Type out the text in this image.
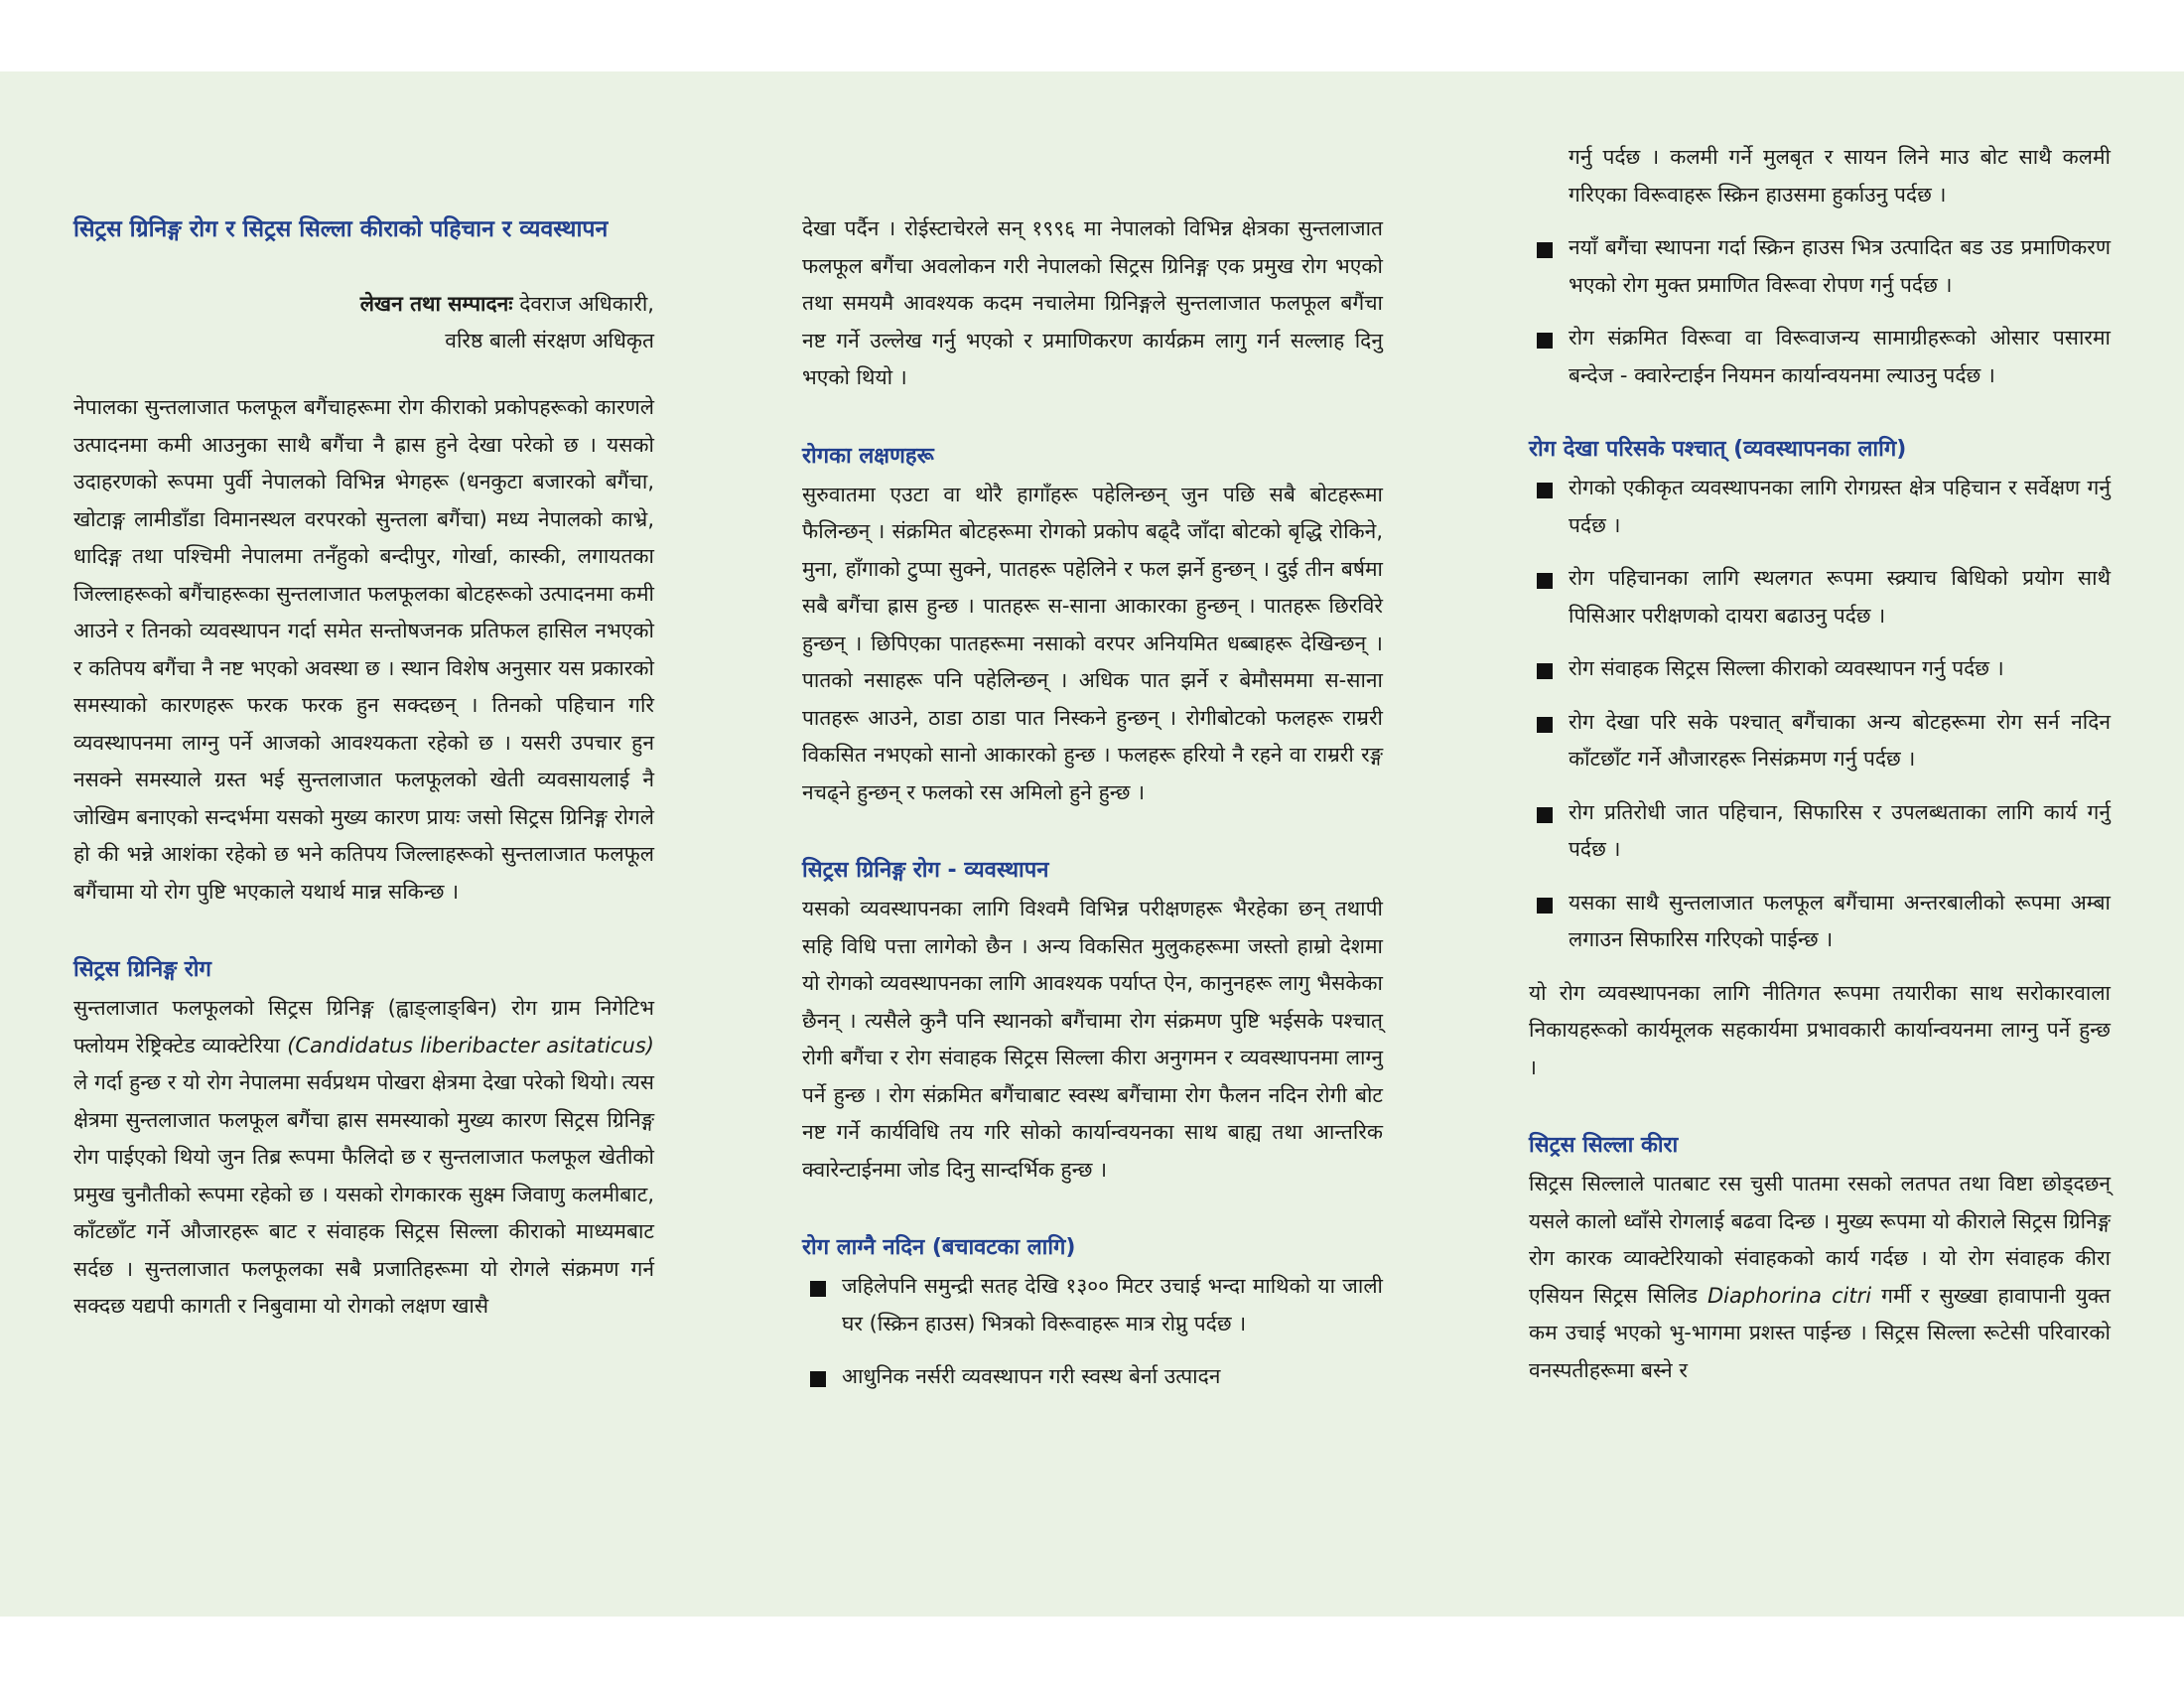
सिट्रस ग्रिनिङ्ग रोग र सिट्रस सिल्ला कीराको पहिचान र व्यवस्थापन
लेखन तथा सम्पादनः देवराज अधिकारी,
वरिष्ठ बाली संरक्षण अधिकृत

नेपालका सुन्तलाजात फलफूल बगैंचाहरूमा रोग कीराको प्रकोपहरूको कारणले उत्पादनमा कमी आउनुका साथै बगैंचा नै ह्रास हुने देखा परेको छ । यसको उदाहरणको रूपमा पुर्वी नेपालको विभिन्न भेगहरू (धनकुटा बजारको बगैंचा, खोटाङ्ग लामीडाँडा विमानस्थल वरपरको सुन्तला बगैंचा) मध्य नेपालको काभ्रे, धादिङ्ग तथा पश्चिमी नेपालमा तनँहुको बन्दीपुर, गोर्खा, कास्की, लगायतका जिल्लाहरूको बगैंचाहरूका सुन्तलाजात फलफूलका बोटहरूको उत्पादनमा कमी आउने र तिनको व्यवस्थापन गर्दा समेत सन्तोषजनक प्रतिफल हासिल नभएको र कतिपय बगैंचा नै नष्ट भएको अवस्था छ । स्थान विशेष अनुसार यस प्रकारको समस्याको कारणहरू फरक फरक हुन सक्दछन् । तिनको पहिचान गरि व्यवस्थापनमा लाग्नु पर्ने आजको आवश्यकता रहेको छ । यसरी उपचार हुन नसक्ने समस्याले ग्रस्त भई सुन्तलाजात फलफूलको खेती व्यवसायलाई नै जोखिम बनाएको सन्दर्भमा यसको मुख्य कारण प्रायः जसो सिट्रस ग्रिनिङ्ग रोगले हो की भन्ने आशंका रहेको छ भने कतिपय जिल्लाहरूको सुन्तलाजात फलफूल बगैंचामा यो रोग पुष्टि भएकाले यथार्थ मान्न सकिन्छ ।

सिट्रस ग्रिनिङ्ग रोग

सुन्तलाजात फलफूलको सिट्रस ग्रिनिङ्ग (ह्वाङ्लाङ्बिन) रोग ग्राम निगेटिभ फ्लोयम रेष्ट्रिक्टेड व्याक्टेरिया (Candidatus liberibacter asitaticus) ले गर्दा हुन्छ र यो रोग नेपालमा सर्वप्रथम पोखरा क्षेत्रमा देखा परेको थियो। त्यस क्षेत्रमा सुन्तलाजात फलफूल बगैंचा ह्रास समस्याको मुख्य कारण सिट्रस ग्रिनिङ्ग रोग पाईएको थियो जुन तिब्र रूपमा फैलिदो छ र सुन्तलाजात फलफूल खेतीको प्रमुख चुनौतीको रूपमा रहेको छ । यसको रोगकारक सुक्ष्म जिवाणु कलमीबाट, काँटछाँट गर्ने औजारहरू बाट र संवाहक सिट्रस सिल्ला कीराको माध्यमबाट सर्दछ । सुन्तलाजात फलफूलका सबै प्रजातिहरूमा यो रोगले संक्रमण गर्न सक्दछ यद्यपी कागती र निबुवामा यो रोगको लक्षण खासै

देखा पर्दैन । रोईस्टाचेरले सन् १९९६ मा नेपालको विभिन्न क्षेत्रका सुन्तलाजात फलफूल बगैंचा अवलोकन गरी नेपालको सिट्रस ग्रिनिङ्ग एक प्रमुख रोग भएको तथा समयमै आवश्यक कदम नचालेमा ग्रिनिङ्गले सुन्तलाजात फलफूल बगैंचा नष्ट गर्ने उल्लेख गर्नु भएको र प्रमाणिकरण कार्यक्रम लागु गर्न सल्लाह दिनु भएको थियो ।

रोगका लक्षणहरू

सुरुवातमा एउटा वा थोरै हागाँहरू पहेलिन्छन् जुन पछि सबै बोटहरूमा फैलिन्छन् । संक्रमित बोटहरूमा रोगको प्रकोप बढ्दै जाँदा बोटको बृद्धि रोकिने, मुना, हाँगाको टुप्पा सुक्ने, पातहरू पहेलिने र फल झर्ने हुन्छन् । दुई तीन बर्षमा सबै बगैंचा ह्रास हुन्छ । पातहरू स-साना आकारका हुन्छन् । पातहरू छिरविरे हुन्छन् । छिपिएका पातहरूमा नसाको वरपर अनियमित धब्बाहरू देखिन्छन् । पातको नसाहरू पनि पहेलिन्छन् । अधिक पात झर्ने र बेमौसममा स-साना पातहरू आउने, ठाडा ठाडा पात निस्कने हुन्छन् । रोगीबोटको फलहरू राम्ररी विकसित नभएको सानो आकारको हुन्छ । फलहरू हरियो नै रहने वा राम्ररी रङ्ग नचढ्ने हुन्छन् र फलको रस अमिलो हुने हुन्छ ।

सिट्रस ग्रिनिङ्ग रोग - व्यवस्थापन

यसको व्यवस्थापनका लागि विश्वमै विभिन्न परीक्षणहरू भैरहेका छन् तथापी सहि विधि पत्ता लागेको छैन । अन्य विकसित मुलुकहरूमा जस्तो हाम्रो देशमा यो रोगको व्यवस्थापनका लागि आवश्यक पर्याप्त ऐन, कानुनहरू लागु भैसकेका छैनन् । त्यसैले कुनै पनि स्थानको बगैंचामा रोग संक्रमण पुष्टि भईसके पश्चात् रोगी बगैंचा र रोग संवाहक सिट्रस सिल्ला कीरा अनुगमन र व्यवस्थापनमा लाग्नु पर्ने हुन्छ । रोग संक्रमित बगैंचाबाट स्वस्थ बगैंचामा रोग फैलन नदिन रोगी बोट नष्ट गर्ने कार्यविधि तय गरि सोको कार्यान्वयनका साथ बाह्य तथा आन्तरिक क्वारेन्टाईनमा जोड दिनु सान्दर्भिक हुन्छ ।

रोग लाग्नै नदिन (बचावटका लागि)
जहिलेपनि समुन्द्री सतह देखि १३०० मिटर उचाई भन्दा माथिको या जाली घर (स्क्रिन हाउस) भित्रको विरूवाहरू मात्र रोप्नु पर्दछ ।
आधुनिक नर्सरी व्यवस्थापन गरी स्वस्थ बेर्ना उत्पादन
गर्नु पर्दछ । कलमी गर्ने मुलबृत र सायन लिने माउ बोट साथै कलमी गरिएका विरूवाहरू स्क्रिन हाउसमा हुर्काउनु पर्दछ ।
नयाँ बगैंचा स्थापना गर्दा स्क्रिन हाउस भित्र उत्पादित बड उड प्रमाणिकरण भएको रोग मुक्त प्रमाणित विरूवा रोपण गर्नु पर्दछ ।
रोग संक्रमित विरूवा वा विरूवाजन्य सामाग्रीहरूको ओसार पसारमा बन्देज - क्वारेन्टाईन नियमन कार्यान्वयनमा ल्याउनु पर्दछ ।
रोग देखा परिसके पश्चात् (व्यवस्थापनका लागि)
रोगको एकीकृत व्यवस्थापनका लागि रोगग्रस्त क्षेत्र पहिचान र सर्वेक्षण गर्नु पर्दछ ।
रोग पहिचानका लागि स्थलगत रूपमा स्क्र्याच बिधिको प्रयोग साथै पिसिआर परीक्षणको दायरा बढाउनु पर्दछ ।
रोग संवाहक सिट्रस सिल्ला कीराको व्यवस्थापन गर्नु पर्दछ ।
रोग देखा परि सके पश्चात् बगैंचाका अन्य बोटहरूमा रोग सर्न नदिन काँटछाँट गर्ने औजारहरू निसंक्रमण गर्नु पर्दछ ।
रोग प्रतिरोधी जात पहिचान, सिफारिस र उपलब्धताका लागि कार्य गर्नु पर्दछ ।
यसका साथै सुन्तलाजात फलफूल बगैंचामा अन्तरबालीको रूपमा अम्बा लगाउन सिफारिस गरिएको पाईन्छ ।

यो रोग व्यवस्थापनका लागि नीतिगत रूपमा तयारीका साथ सरोकारवाला निकायहरूको कार्यमूलक सहकार्यमा प्रभावकारी कार्यान्वयनमा लाग्नु पर्ने हुन्छ ।

सिट्रस सिल्ला कीरा

सिट्रस सिल्लाले पातबाट रस चुसी पातमा रसको लतपत तथा विष्टा छोड्दछन् यसले कालो ध्वाँसे रोगलाई बढवा दिन्छ । मुख्य रूपमा यो कीराले सिट्रस ग्रिनिङ्ग रोग कारक व्याक्टेरियाको संवाहकको कार्य गर्दछ । यो रोग संवाहक कीरा एसियन सिट्रस सिलिड Diaphorina citri गर्मी र सुख्खा हावापानी युक्त कम उचाई भएको भु-भागमा प्रशस्त पाईन्छ । सिट्रस सिल्ला रूटेसी परिवारको वनस्पतीहरूमा बस्ने र
